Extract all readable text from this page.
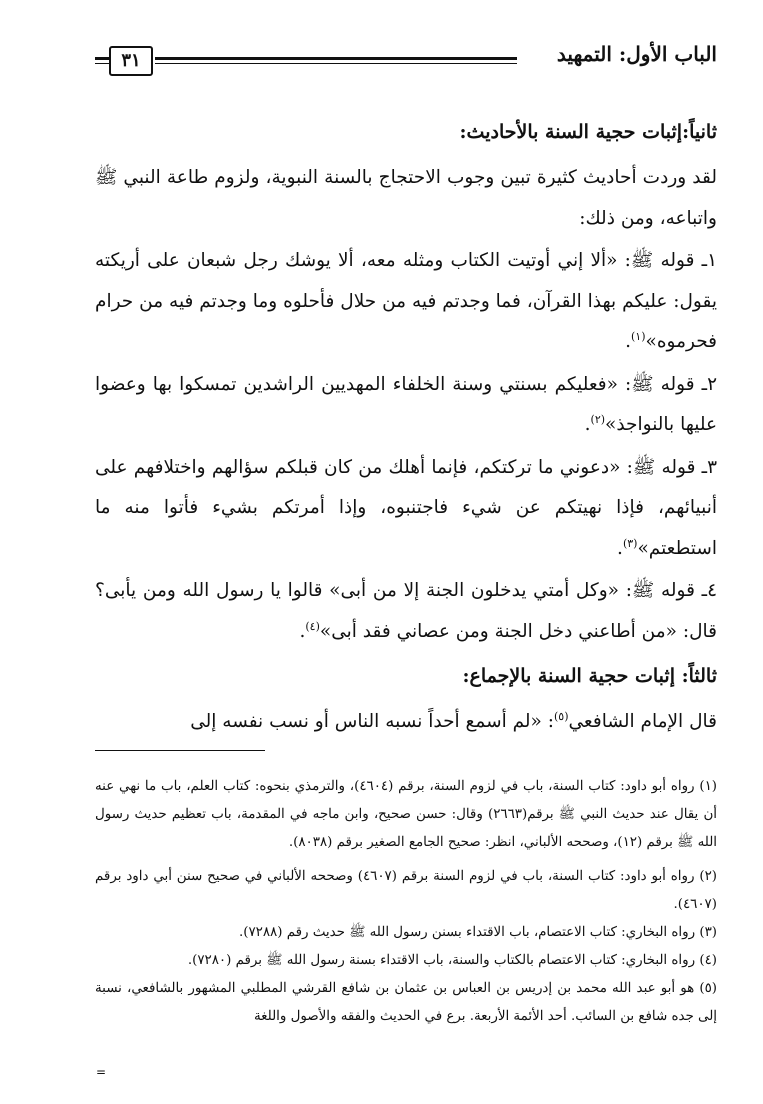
الباب الأول: التمهيد
٣١
ثانياً:إثبات حجية السنة بالأحاديث:

لقد وردت أحاديث كثيرة تبين وجوب الاحتجاج بالسنة النبوية، ولزوم طاعة النبي ﷺ واتباعه، ومن ذلك:

١ـ قوله ﷺ: «ألا إني أوتيت الكتاب ومثله معه، ألا يوشك رجل شبعان على أريكته يقول: عليكم بهذا القرآن، فما وجدتم فيه من حلال فأحلوه وما وجدتم فيه من حرام فحرموه»$^{(١)}$.

٢ـ قوله ﷺ: «فعليكم بسنتي وسنة الخلفاء المهديين الراشدين تمسكوا بها وعضوا عليها بالنواجذ»$^{(٢)}$.

٣ـ قوله ﷺ: «دعوني ما تركتكم، فإنما أهلك من كان قبلكم سؤالهم واختلافهم على أنبيائهم، فإذا نهيتكم عن شيء فاجتنبوه، وإذا أمرتكم بشيء فأتوا منه ما استطعتم»$^{(٣)}$.

٤ـ قوله ﷺ: «وكل أمتي يدخلون الجنة إلا من أبى» قالوا يا رسول الله ومن يأبى؟ قال: «من أطاعني دخل الجنة ومن عصاني فقد أبى»$^{(٤)}$.

ثالثاً: إثبات حجية السنة بالإجماع:

قال الإمام الشافعي$^{(٥)}$: «لم أسمع أحداً نسبه الناس أو نسب نفسه إلى

(١) رواه أبو داود: كتاب السنة، باب في لزوم السنة، برقم (٤٦٠٤)، والترمذي بنحوه: كتاب العلم، باب ما نهي عنه أن يقال عند حديث النبي ﷺ برقم(٢٦٦٣) وقال: حسن صحيح، وابن ماجه في المقدمة، باب تعظيم حديث رسول الله ﷺ برقم (١٢)، وصححه الألباني، انظر: صحيح الجامع الصغير برقم (٨٠٣٨).

(٢) رواه أبو داود: كتاب السنة، باب في لزوم السنة برقم (٤٦٠٧) وصححه الألباني في صحيح سنن أبي داود برقم (٤٦٠٧).

(٣) رواه البخاري: كتاب الاعتصام، باب الاقتداء بسنن رسول الله ﷺ حديث رقم (٧٢٨٨).

(٤) رواه البخاري: كتاب الاعتصام بالكتاب والسنة، باب الاقتداء بسنة رسول الله ﷺ برقم (٧٢٨٠).

(٥) هو أبو عبد الله محمد بن إدريس بن العباس بن عثمان بن شافع القرشي المطلبي المشهور بالشافعي، نسبة إلى جده شافع بن السائب. أحد الأئمة الأربعة. برع في الحديث والفقه والأصول واللغة

=
